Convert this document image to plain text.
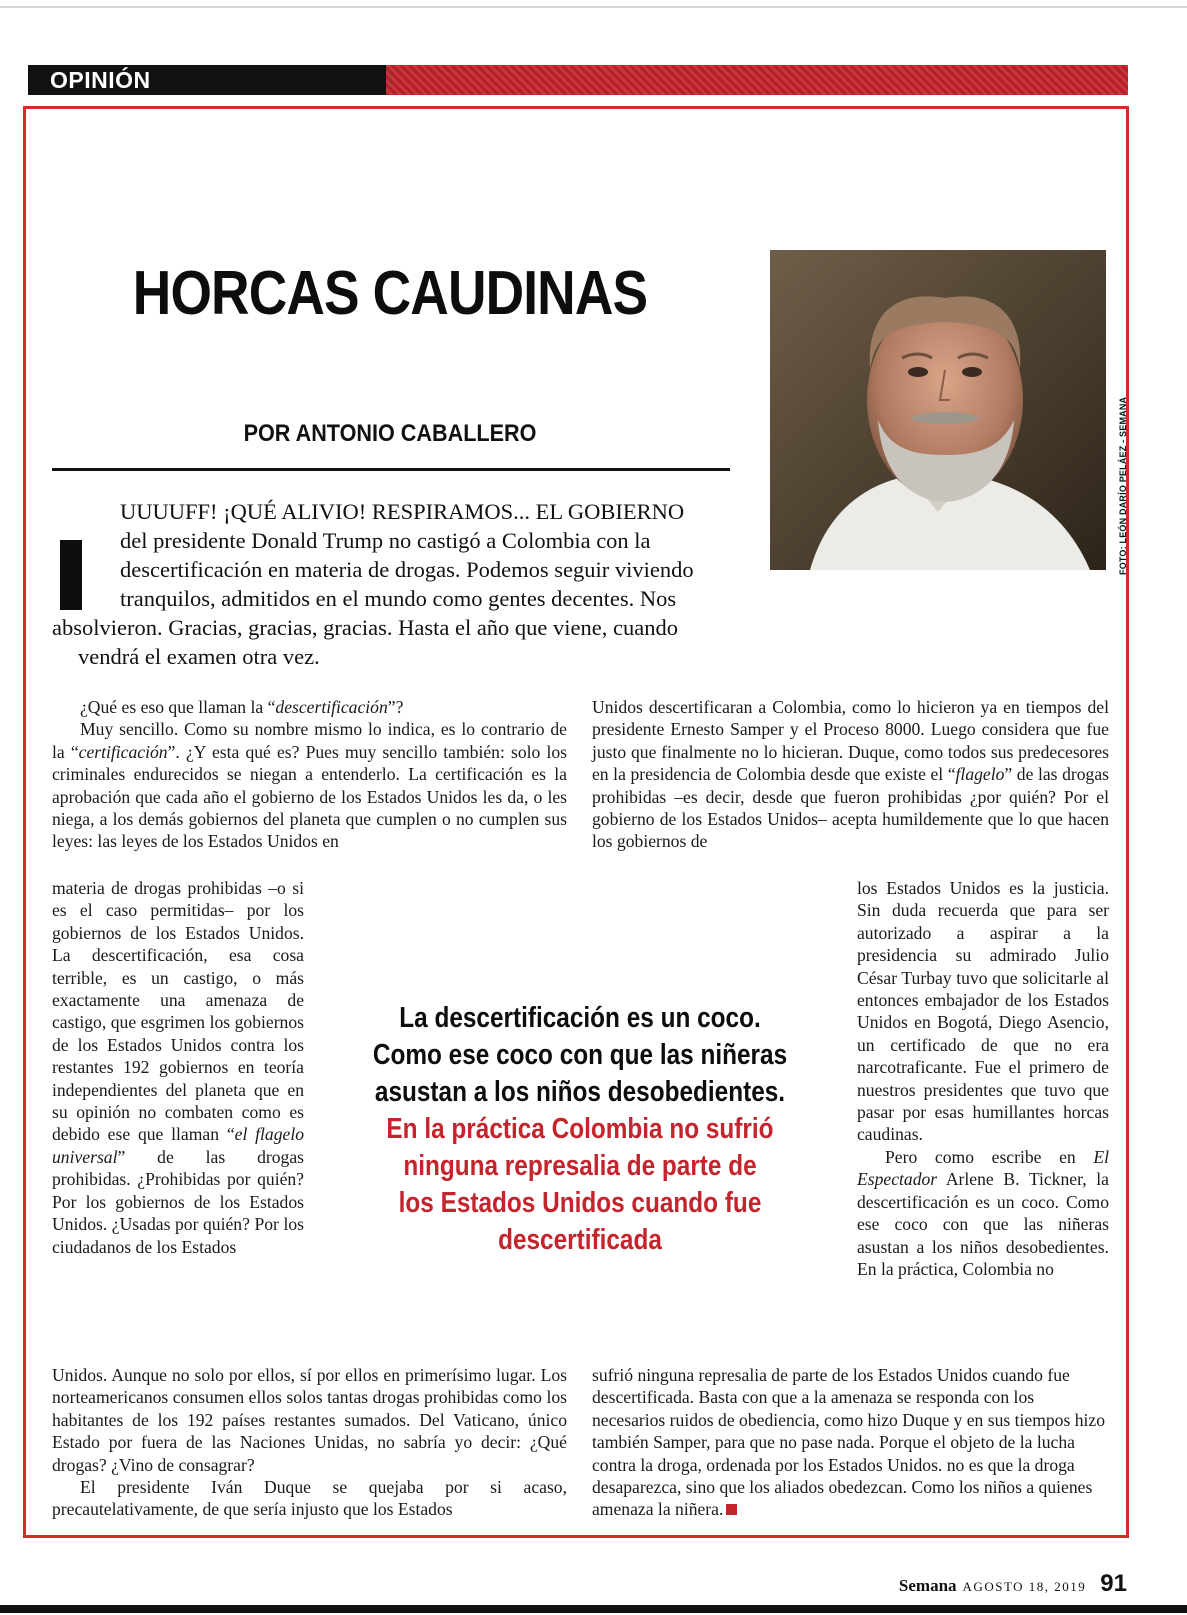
OPINIÓN
HORCAS CAUDINAS
POR ANTONIO CABALLERO	FOTO: LEÓN DARÍO PELÁEZ - SEMANA
UUUUFF! ¡QUÉ ALIVIO! RESPIRAMOS... EL GOBIERNO
del presidente Donald Trump no castigó a Colombia con la
descertificación en materia de drogas. Podemos seguir viviendo
tranquilos, admitidos en el mundo como gentes decentes. Nos
absolvieron. Gracias, gracias, gracias. Hasta el año que viene, cuando
vendrá el examen otra vez.

¿Qué es eso que llaman la “descertificación”?

Muy sencillo. Como su nombre mismo lo indica, es lo contrario de la “certificación”. ¿Y esta qué es? Pues muy sencillo también: solo los criminales endurecidos se niegan a entenderlo. La certificación es la aprobación que cada año el gobierno de los Estados Unidos les da, o les niega, a los demás gobiernos del planeta que cumplen o no cumplen sus leyes: las leyes de los Estados Unidos en

materia de drogas prohibidas –o si es el caso permitidas– por los gobiernos de los Estados Unidos. La descertificación, esa cosa terrible, es un castigo, o más exactamente una amenaza de castigo, que esgrimen los gobiernos de los Estados Unidos contra los restantes 192 gobiernos en teoría independientes del planeta que en su opinión no combaten como es debido ese que llaman “el flagelo universal” de las drogas prohibidas. ¿Prohibidas por quién? Por los gobiernos de los Estados Unidos. ¿Usadas por quién? Por los ciudadanos de los Estados

Unidos. Aunque no solo por ellos, sí por ellos en primerísimo lugar. Los norteamericanos consumen ellos solos tantas drogas prohibidas como los habitantes de los 192 países restantes sumados. Del Vaticano, único Estado por fuera de las Naciones Unidas, no sabría yo decir: ¿Qué drogas? ¿Vino de consagrar?

El presidente Iván Duque se quejaba por si acaso, precautelativamente, de que sería injusto que los Estados

Unidos descertificaran a Colombia, como lo hicieron ya en tiempos del presidente Ernesto Samper y el Proceso 8000. Luego considera que fue justo que finalmente no lo hicieran. Duque, como todos sus predecesores en la presidencia de Colombia desde que existe el “flagelo” de las drogas prohibidas –es decir, desde que fueron prohibidas ¿por quién? Por el gobierno de los Estados Unidos– acepta humildemente que lo que hacen los gobiernos de

los Estados Unidos es la justicia. Sin duda recuerda que para ser autorizado a aspirar a la presidencia su admirado Julio César Turbay tuvo que solicitarle al entonces embajador de los Estados Unidos en Bogotá, Diego Asencio, un certificado de que no era narcotraficante. Fue el primero de nuestros presidentes que tuvo que pasar por esas humillantes horcas caudinas.

Pero como escribe en El Espectador Arlene B. Tickner, la descertificación es un coco. Como ese coco con que las niñeras asustan a los niños desobedientes. En la práctica, Colombia no

sufrió ninguna represalia de parte de los Estados Unidos cuando fue descertificada. Basta con que a la amenaza se responda con los necesarios ruidos de obediencia, como hizo Duque y en sus tiempos hizo también Samper, para que no pase nada. Porque el objeto de la lucha contra la droga, ordenada por los Estados Unidos. no es que la droga desaparezca, sino que los aliados obedezcan. Como los niños a quienes amenaza la niñera.

La descertificación es un coco.
Como ese coco con que las niñeras
asustan a los niños desobedientes.
En la práctica Colombia no sufrió
ninguna represalia de parte de
los Estados Unidos cuando fue
descertificada
Semana AGOSTO 18, 2019 91
